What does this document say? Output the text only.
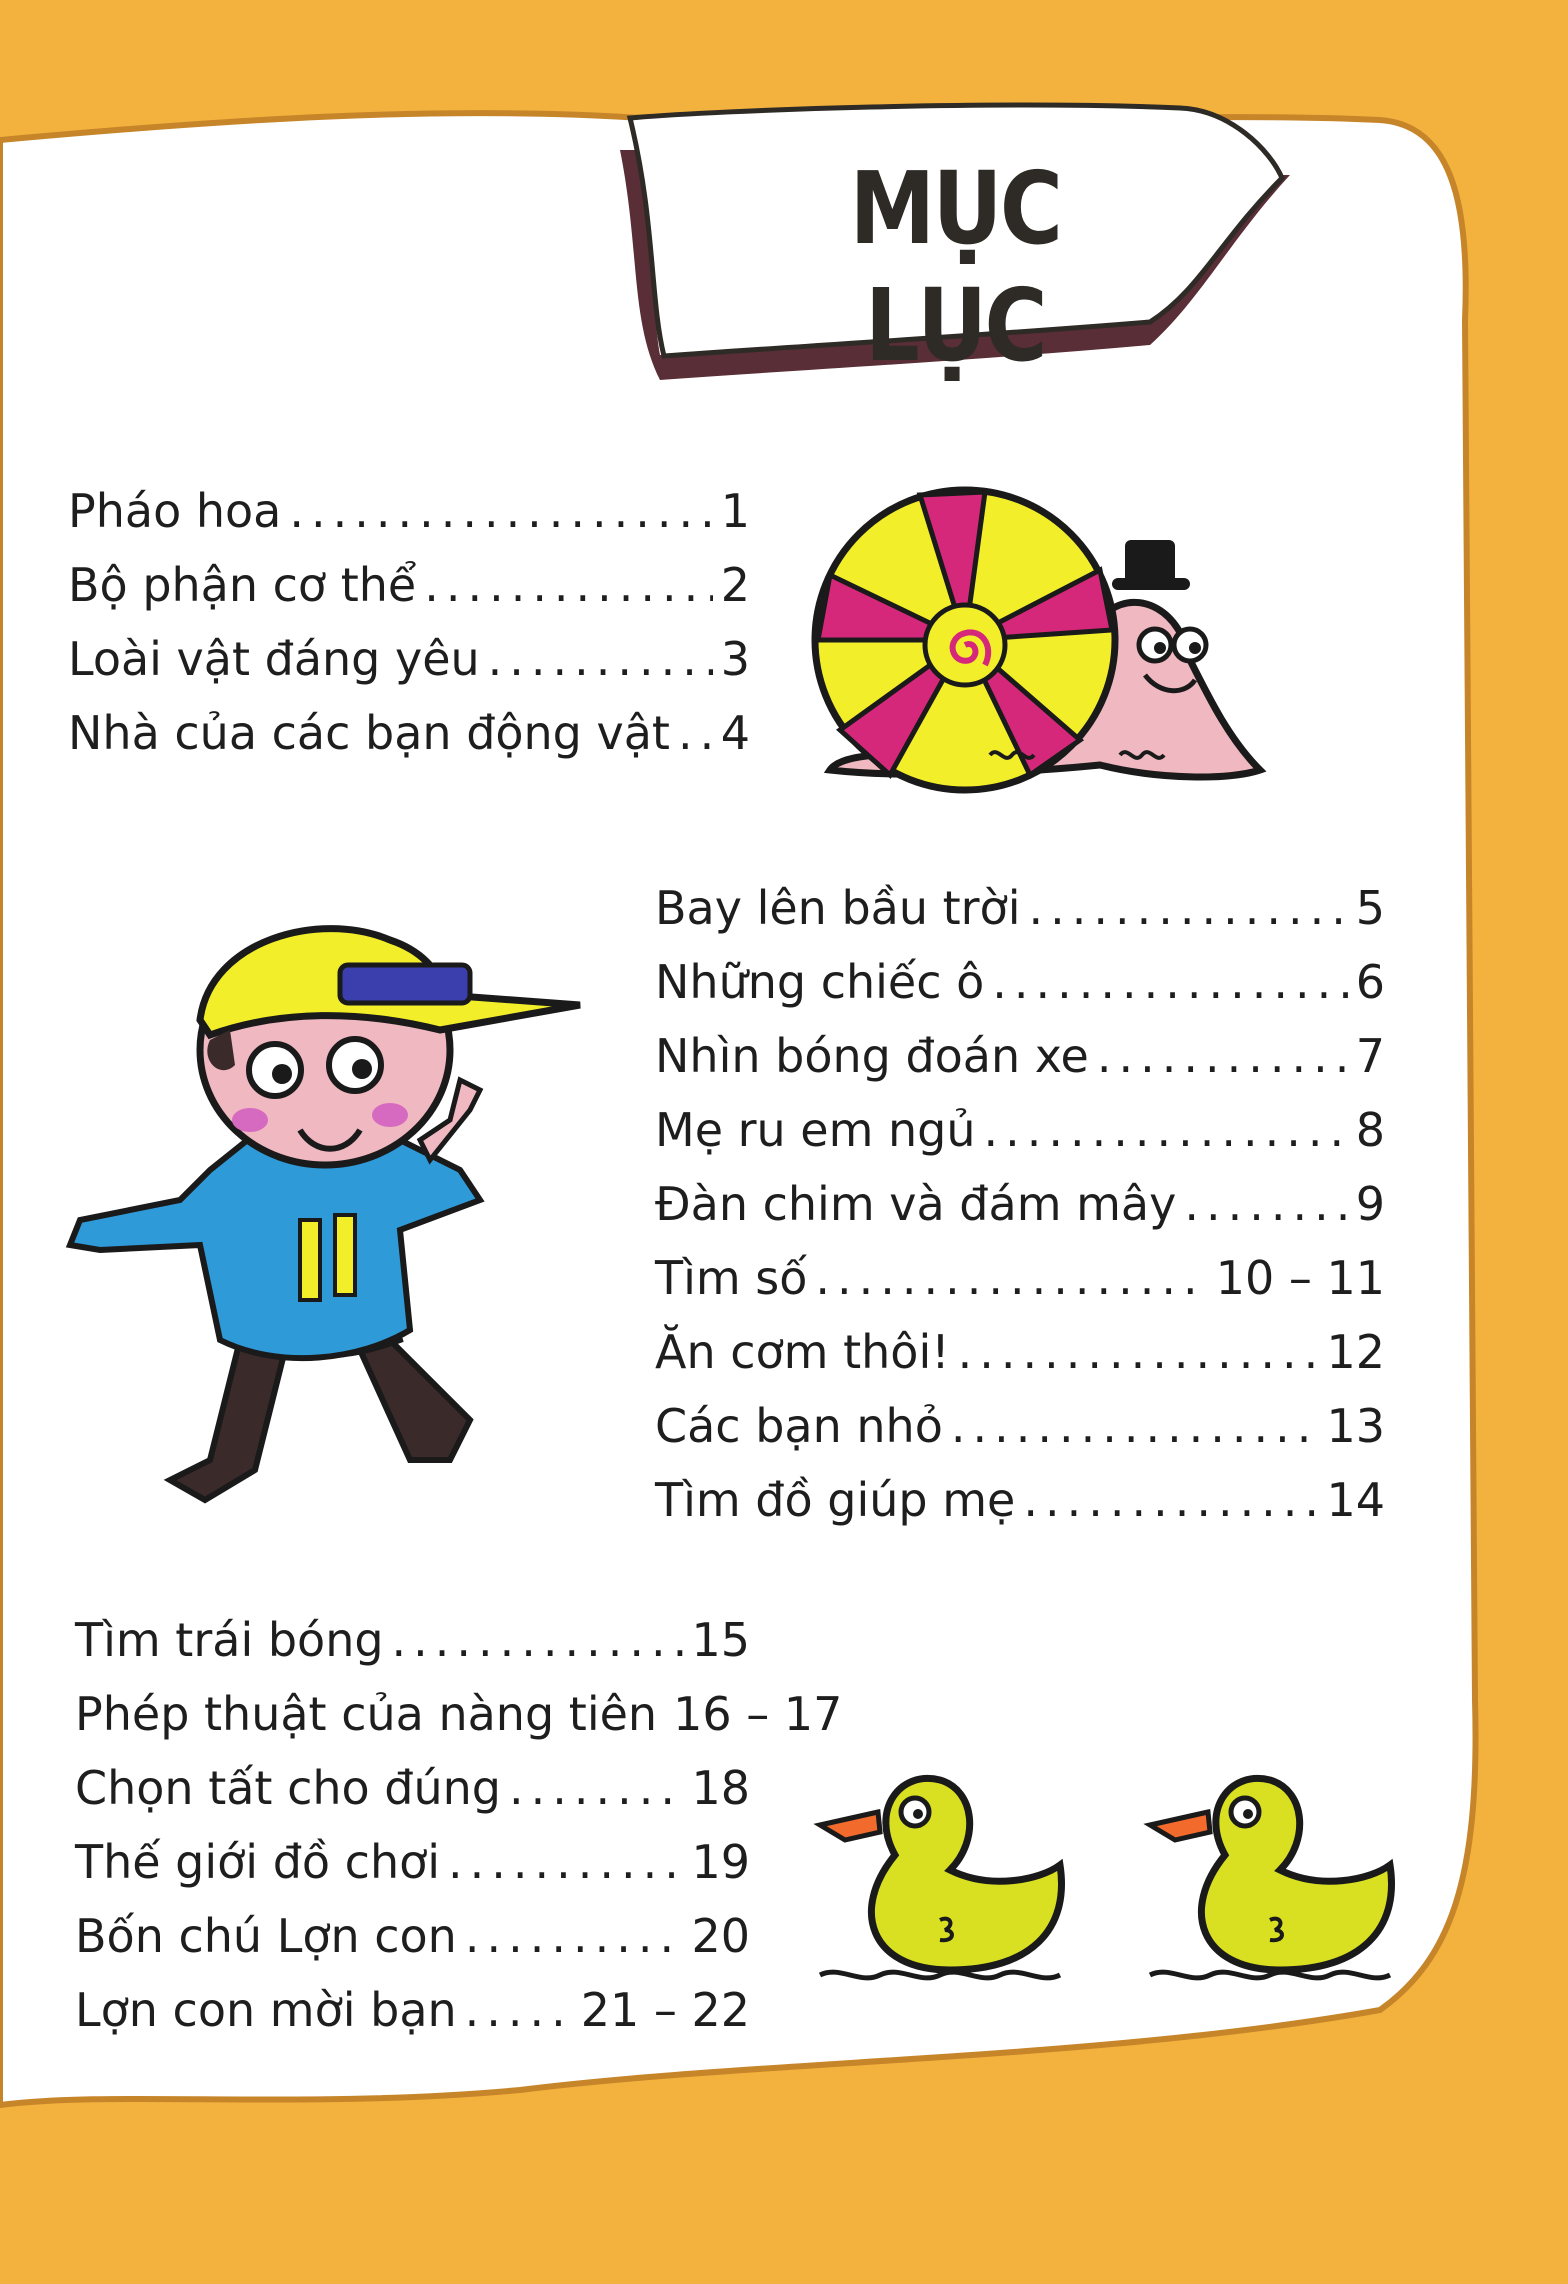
MỤC LỤC
Pháo hoa .....	1
Bộ phận cơ thể .....	2
Loài vật đáng yêu .....	3
Nhà của các bạn động vật ..... 4
Bay lên bầu trời .....	5
Những chiếc ô .....	6
Nhìn bóng đoán xe .....	7
Mẹ ru em ngủ .....	8
Đàn chim và đám mây .....	9
Tìm số .....	10 – 11
Ăn cơm thôi! .....	12
Các bạn nhỏ .....	13
Tìm đồ giúp mẹ .....	14
Tìm trái bóng .....	15
Phép thuật của nàng tiên 16 – 17
Chọn tất cho đúng .....	18
Thế giới đồ chơi .....	19
Bốn chú Lợn con .....	20
Lợn con mời bạn .....	21 – 22
